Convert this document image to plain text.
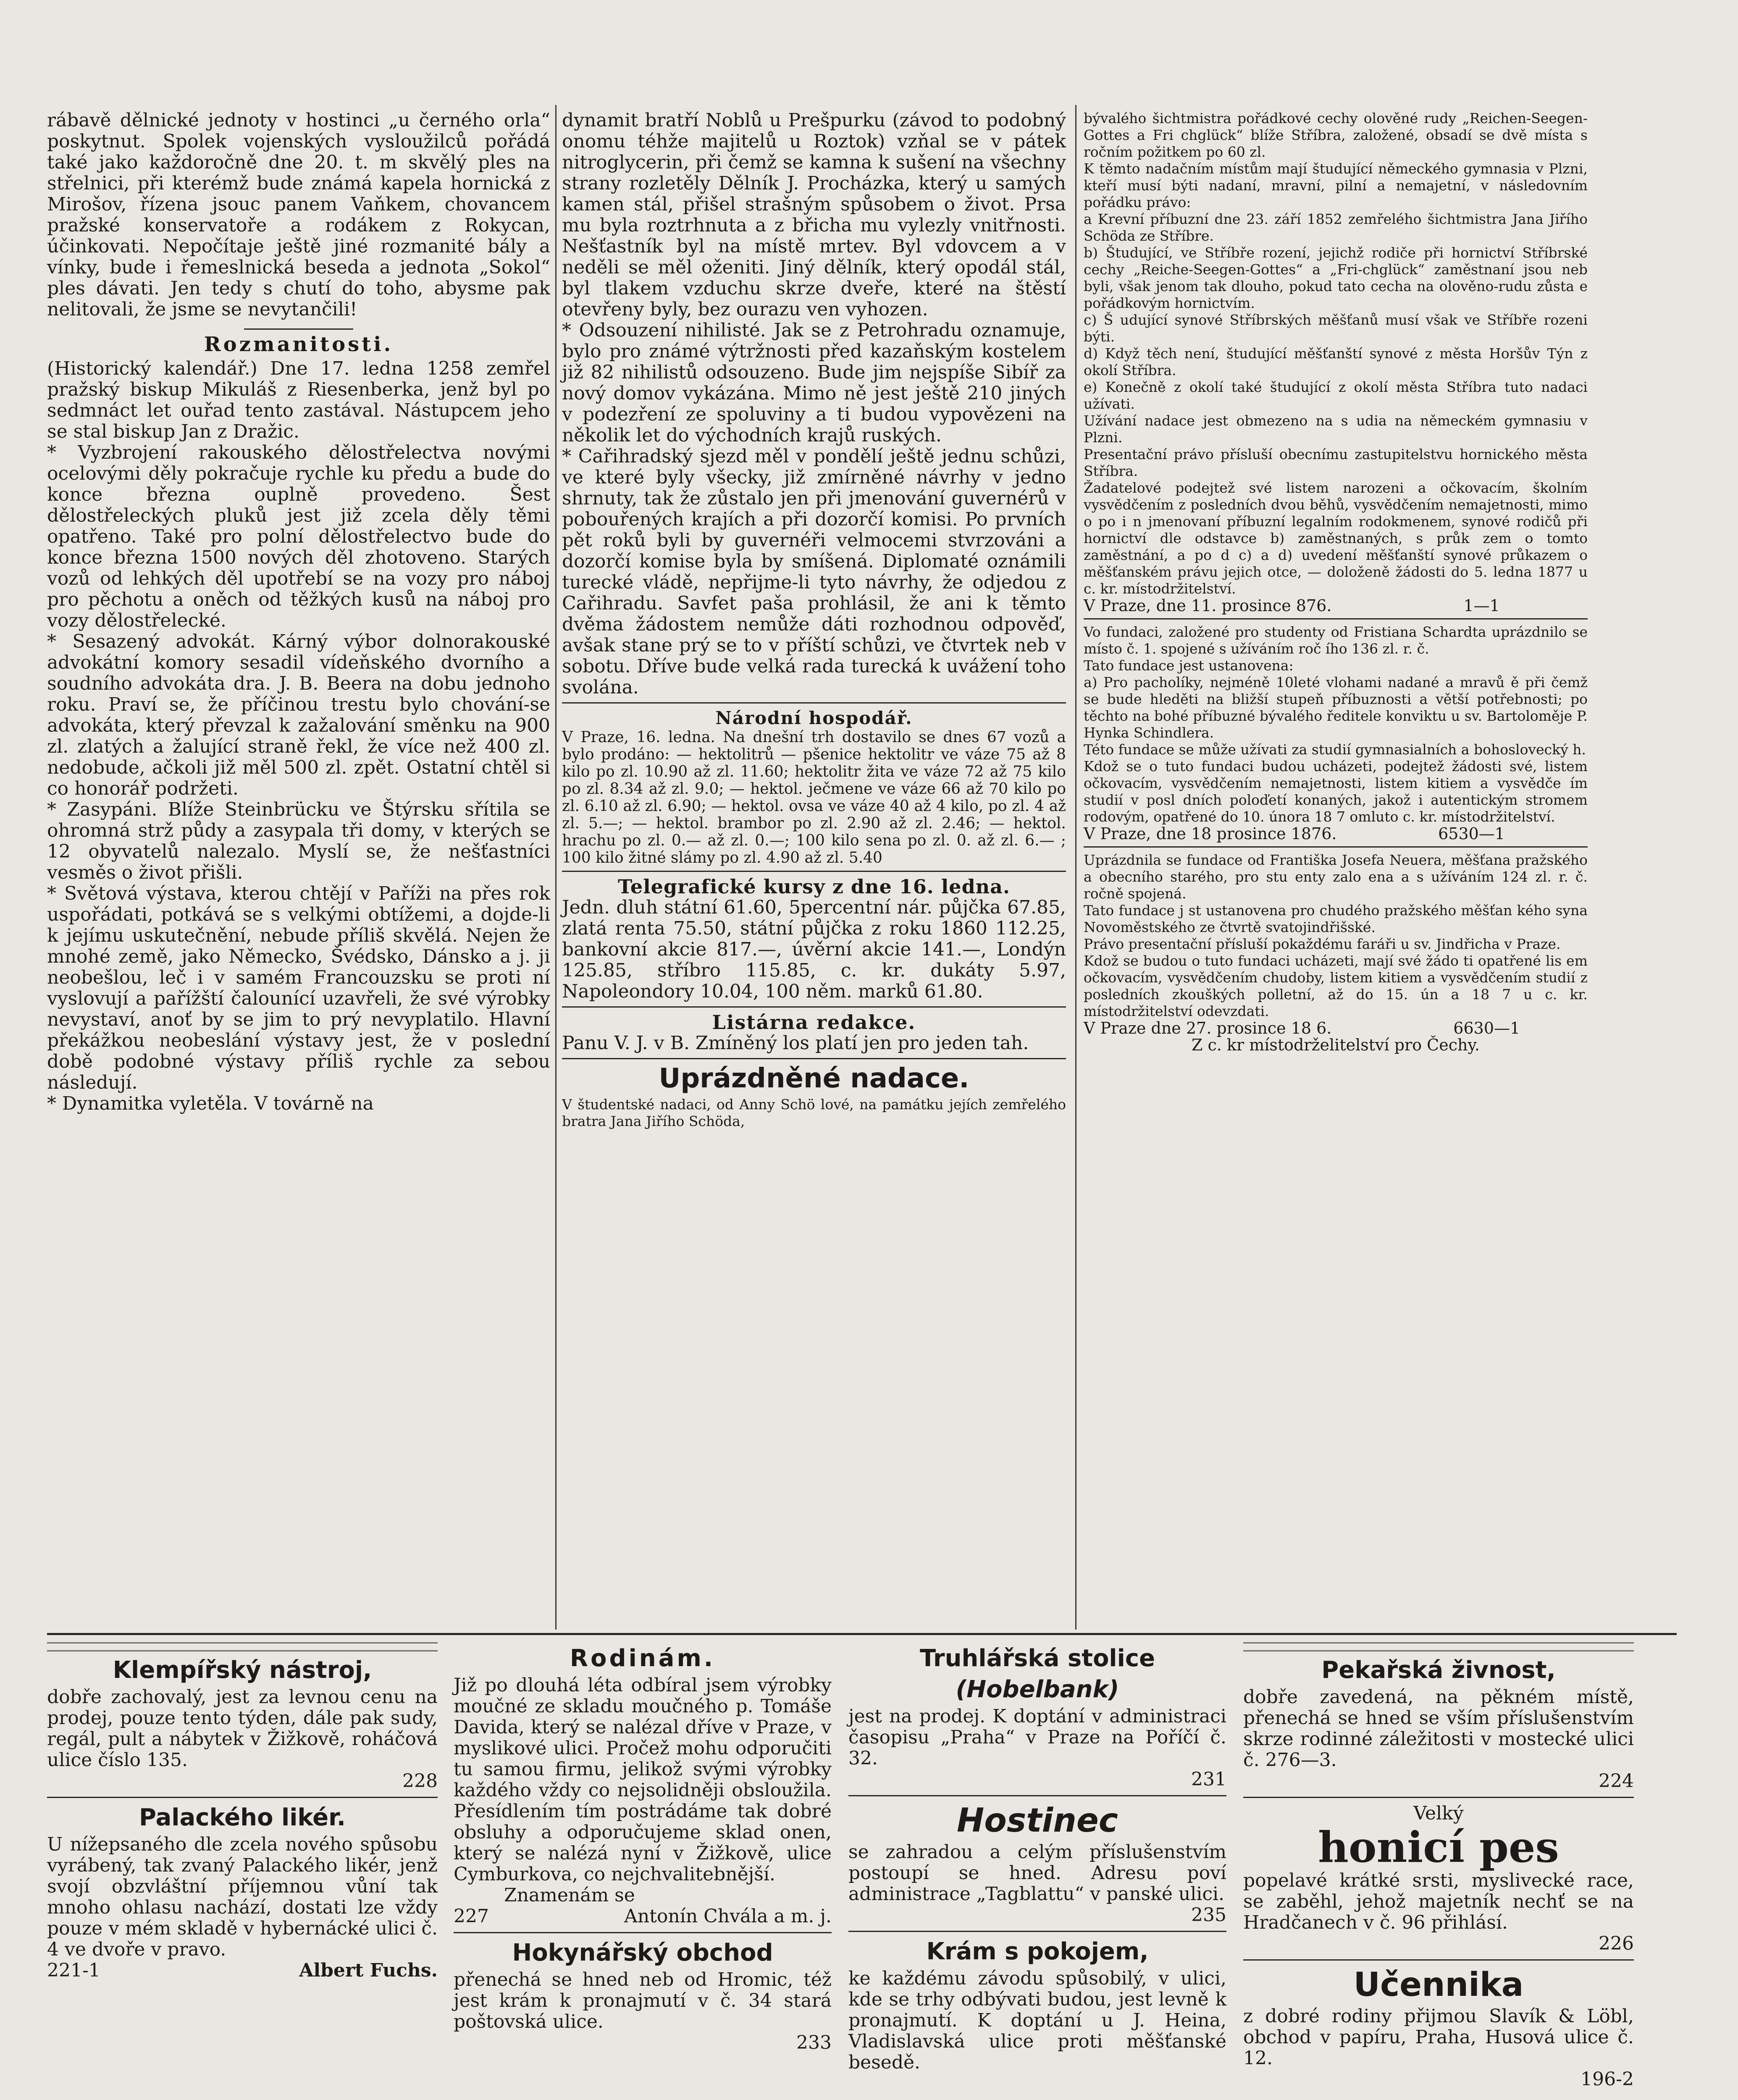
rábavě dělnické jednoty v hostinci „u černého orla“ poskytnut. Spolek vojenských vysloužilců pořádá také jako každoročně dne 20. t. m skvělý ples na střelnici, při kterémž bude známá kapela hornická z Mirošov, řízena jsouc panem Vaňkem, chovancem pražské konservatoře a rodákem z Rokycan, účinkovati. Nepočítaje ještě jiné rozmanité bály a vínky, bude i řemeslnická beseda a jednota „Sokol“ ples dávati. Jen tedy s chutí do toho, abysme pak nelitovali, že jsme se nevytančili!

Rozmanitosti.

(Historický kalendář.) Dne 17. ledna 1258 zemřel pražský biskup Mikuláš z Riesenberka, jenž byl po sedmnáct let ouřad tento zastával. Nástupcem jeho se stal biskup Jan z Dražic.

* Vyzbrojení rakouského dělostřelectva novými ocelovými děly pokračuje rychle ku předu a bude do konce března ouplně provedeno. Šest dělostřeleckých pluků jest již zcela děly těmi opatřeno. Také pro polní dělostřelectvo bude do konce března 1500 nových děl zhotoveno. Starých vozů od lehkých děl upotřebí se na vozy pro náboj pro pěchotu a oněch od těžkých kusů na náboj pro vozy dělostřelecké.

* Sesazený advokát. Kárný výbor dolnorakouské advokátní komory sesadil vídeňského dvorního a soudního advokáta dra. J. B. Beera na dobu jednoho roku. Praví se, že příčinou trestu bylo chování-se advokáta, který převzal k zažalování směnku na 900 zl. zlatých a žalující straně řekl, že více než 400 zl. nedobude, ačkoli již měl 500 zl. zpět. Ostatní chtěl si co honorář podržeti.

* Zasypáni. Blíže Steinbrücku ve Štýrsku sřítila se ohromná strž půdy a zasypala tři domy, v kterých se 12 obyvatelů nalezalo. Myslí se, že nešťastníci vesměs o život přišli.

* Světová výstava, kterou chtějí v Paříži na přes rok uspořádati, potkává se s velkými obtížemi, a dojde-li k jejímu uskutečnění, nebude příliš skvělá. Nejen že mnohé země, jako Německo, Švédsko, Dánsko a j. ji neobešlou, leč i v samém Francouzsku se proti ní vyslovují a pařížští čalounící uzavřeli, že své výrobky nevystaví, anoť by se jim to prý nevyplatilo. Hlavní překážkou neobeslání výstavy jest, že v poslední době podobné výstavy příliš rychle za sebou následují.

* Dynamitka vyletěla. V továrně na

dynamit bratří Noblů u Prešpurku (závod to podobný onomu téhže majitelů u Roztok) vzňal se v pátek nitroglycerin, při čemž se kamna k sušení na všechny strany rozletěly Dělník J. Procházka, který u samých kamen stál, přišel strašným spůsobem o život. Prsa mu byla roztrhnuta a z břicha mu vylezly vnitřnosti. Nešťastník byl na místě mrtev. Byl vdovcem a v neděli se měl oženiti. Jiný dělník, který opodál stál, byl tlakem vzduchu skrze dveře, které na štěstí otevřeny byly, bez ourazu ven vyhozen.

* Odsouzení nihilisté. Jak se z Petrohradu oznamuje, bylo pro známé výtržnosti před kazaňským kostelem již 82 nihilistů odsouzeno. Bude jim nejspíše Sibíř za nový domov vykázána. Mimo ně jest ještě 210 jiných v podezření ze spoluviny a ti budou vypovězeni na několik let do východních krajů ruských.

* Cařihradský sjezd měl v pondělí ještě jednu schůzi, ve které byly všecky, již zmírněné návrhy v jedno shrnuty, tak že zůstalo jen při jmenování guvernérů v pobouřených krajích a při dozorčí komisi. Po prvních pět roků byli by guvernéři velmocemi stvrzováni a dozorčí komise byla by smíšená. Diplomaté oznámili turecké vládě, nepřijme-li tyto návrhy, že odjedou z Cařihradu. Savfet paša prohlásil, že ani k těmto dvěma žádostem nemůže dáti rozhodnou odpověď, avšak stane prý se to v příští schůzi, ve čtvrtek neb v sobotu. Dříve bude velká rada turecká k uvážení toho svolána.

Národní hospodář.

V Praze, 16. ledna. Na dnešní trh dostavilo se dnes 67 vozů a bylo prodáno: — hektolitrů — pšenice hektolitr ve váze 75 až 8 kilo po zl. 10.90 až zl. 11.60; hektolitr žita ve váze 72 až 75 kilo po zl. 8.34 až zl. 9.0; — hektol. ječmene ve váze 66 až 70 kilo po zl. 6.10 až zl. 6.90; — hektol. ovsa ve váze 40 až 4 kilo, po zl. 4 až zl. 5.—; — hektol. brambor po zl. 2.90 až zl. 2.46; — hektol. hrachu po zl. 0.— až zl. 0.—; 100 kilo sena po zl. 0. až zl. 6.— ; 100 kilo žitné slámy po zl. 4.90 až zl. 5.40

Telegrafické kursy z dne 16. ledna.

Jedn. dluh státní 61.60, 5percentní nár. půjčka 67.85, zlatá renta 75.50, státní půjčka z roku 1860 112.25, bankovní akcie 817.—, úvěrní akcie 141.—, Londýn 125.85, stříbro 115.85, c. kr. dukáty 5.97, Napoleondory 10.04, 100 něm. marků 61.80.

Listárna redakce.

Panu V. J. v B. Zmíněný los platí jen pro jeden tah.

Uprázdněné nadace.

V študentské nadaci, od Anny Schö lové, na památku jejích zemřelého bratra Jana Jiřího Schöda,

bývalého šichtmistra pořádkové cechy olověné rudy „Reichen-Seegen-Gottes a Fri chglück“ blíže Stříbra, založené, obsadí se dvě místa s ročním požitkem po 60 zl.

K těmto nadačním místům mají študující německého gymnasia v Plzni, kteří musí býti nadaní, mravní, pilní a nemajetní, v následovním pořádku právo:

a Krevní příbuzní dne 23. září 1852 zemřelého šichtmistra Jana Jiřího Schöda ze Stříbre.

b) Študující, ve Stříbře rození, jejichž rodiče při hornictví Stříbrské cechy „Reiche-Seegen-Gottes“ a „Fri-chglück“ zaměstnaní jsou neb byli, však jenom tak dlouho, pokud tato cecha na olověno-rudu zůsta e pořádkovým hornictvím.

c) Š udující synové Stříbrských měšťanů musí však ve Stříbře rozeni býti.

d) Když těch není, študující měšťanští synové z města Horšův Týn z okolí Stříbra.

e) Konečně z okolí také študující z okolí města Stříbra tuto nadaci užívati.

Užívání nadace jest obmezeno na s udia na německém gymnasiu v Plzni.

Presentační právo přísluší obecnímu zastupitelstvu hornického města Stříbra.

Žadatelové podejtež své listem narozeni a očkovacím, školním vysvědčením z posledních dvou běhů, vysvědčením nemajetnosti, mimo o po i n jmenovaní příbuzní legalním rodokmenem, synové rodičů při hornictví dle odstavce b) zaměstnaných, s průk zem o tomto zaměstnání, a po d c) a d) uvedení měšťanští synové průkazem o měšťanském právu jejich otce, — doloženě žádosti do 5. ledna 1877 u c. kr. místodržitelství.

V Praze, dne 11. prosince 876.                          1—1

Vo fundaci, založené pro studenty od Fristiana Schardta uprázdnilo se místo č. 1. spojené s užíváním roč ího 136 zl. r. č.

Tato fundace jest ustanovena:

a) Pro pacholíky, nejméně 10leté vlohami nadané a mravů ě při čemž se bude hleděti na bližší stupeň příbuznosti a větší potřebnosti; po těchto na bohé příbuzné bývalého ředitele konviktu u sv. Bartoloměje P. Hynka Schindlera.

Této fundace se může užívati za studií gymnasialních a bohoslovecký h.

Kdož se o tuto fundaci budou ucházeti, podejtež žádosti své, listem očkovacím, vysvědčením nemajetnosti, listem kitiem a vysvědče ím studií v posl dních poloďetí konaných, jakož i autentickým stromem rodovým, opatřené do 10. února 18 7 omluto c. kr. místodržitelství.

V Praze, dne 18 prosince 1876.                    6530—1

Uprázdnila se fundace od Františka Josefa Neuera, měšťana pražského a obecního starého, pro stu enty zalo ena a s užíváním 124 zl. r. č. ročně spojená.

Tato fundace j st ustanovena pro chudého pražského měšťan kého syna Novoměstského ze čtvrtě svatojindřišské.

Právo presentační přísluší pokaždému faráři u sv. Jindřicha v Praze.

Kdož se budou o tuto fundaci ucházeti, mají své žádo ti opatřené lis em očkovacím, vysvědčením chudoby, listem kitiem a vysvědčením studií z posledních zkouškých polletní, až do 15. ún a 18 7 u c. kr. místodržitelství odevzdati.

V Praze dne 27. prosince 18 6.                        6630—1

Z c. kr místodrželitelství pro Čechy.

Klempířský nástroj,

dobře zachovalý, jest za levnou cenu na prodej, pouze tento týden, dále pak sudy, regál, pult a nábytek v Žižkově, roháčová ulice číslo 135.

228

Palackého likér.

U nížepsaného dle zcela nového spůsobu vyrábený, tak zvaný Palackého likér, jenž svojí obzvláštní příjemnou vůní tak mnoho ohlasu nachází, dostati lze vždy pouze v mém skladě v hybernácké ulici č. 4 ve dvoře v pravo.

221-1	Albert Fuchs.
Rodinám.

Již po dlouhá léta odbíral jsem výrobky moučné ze skladu moučného p. Tomáše Davida, který se nalézal dříve v Praze, v myslikové ulici. Pročež mohu odporučiti tu samou firmu, jelikož svými výrobky každého vždy co nejsolidněji obsloužila. Přesídlením tím postrádáme tak dobré obsluhy a odporučujeme sklad onen, který se nalézá nyní v Žižkově, ulice Cymburkova, co nejchvalitebnější.

Znamenám se

227	Antonín Chvála a m. j.
Hokynářský obchod

přenechá se hned neb od Hromic, též jest krám k pronajmutí v č. 34 stará poštovská ulice.

233

Truhlářská stolice
(Hobelbank)

jest na prodej. K doptání v administraci časopisu „Praha“ v Praze na Poříčí č. 32.

231

Hostinec

se zahradou a celým příslušenstvím postoupí se hned. Adresu poví administrace „Tagblattu“ v panské ulici.

235

Krám s pokojem,

ke každému závodu spůsobilý, v ulici, kde se trhy odbývati budou, jest levně k pronajmutí. K doptání u J. Heina, Vladislavská ulice proti měšťanské besedě.

Pekařská živnost,

dobře zavedená, na pěkném místě, přenechá se hned se vším příslušenstvím skrze rodinné záležitosti v mostecké ulici č. 276—3.

224

Velký

honicí pes

popelavé krátké srsti, myslivecké race, se zaběhl, jehož majetník nechť se na Hradčanech v č. 96 přihlásí.

226

Učennika

z dobré rodiny přijmou Slavík & Löbl, obchod v papíru, Praha, Husová ulice č. 12.

196-2
